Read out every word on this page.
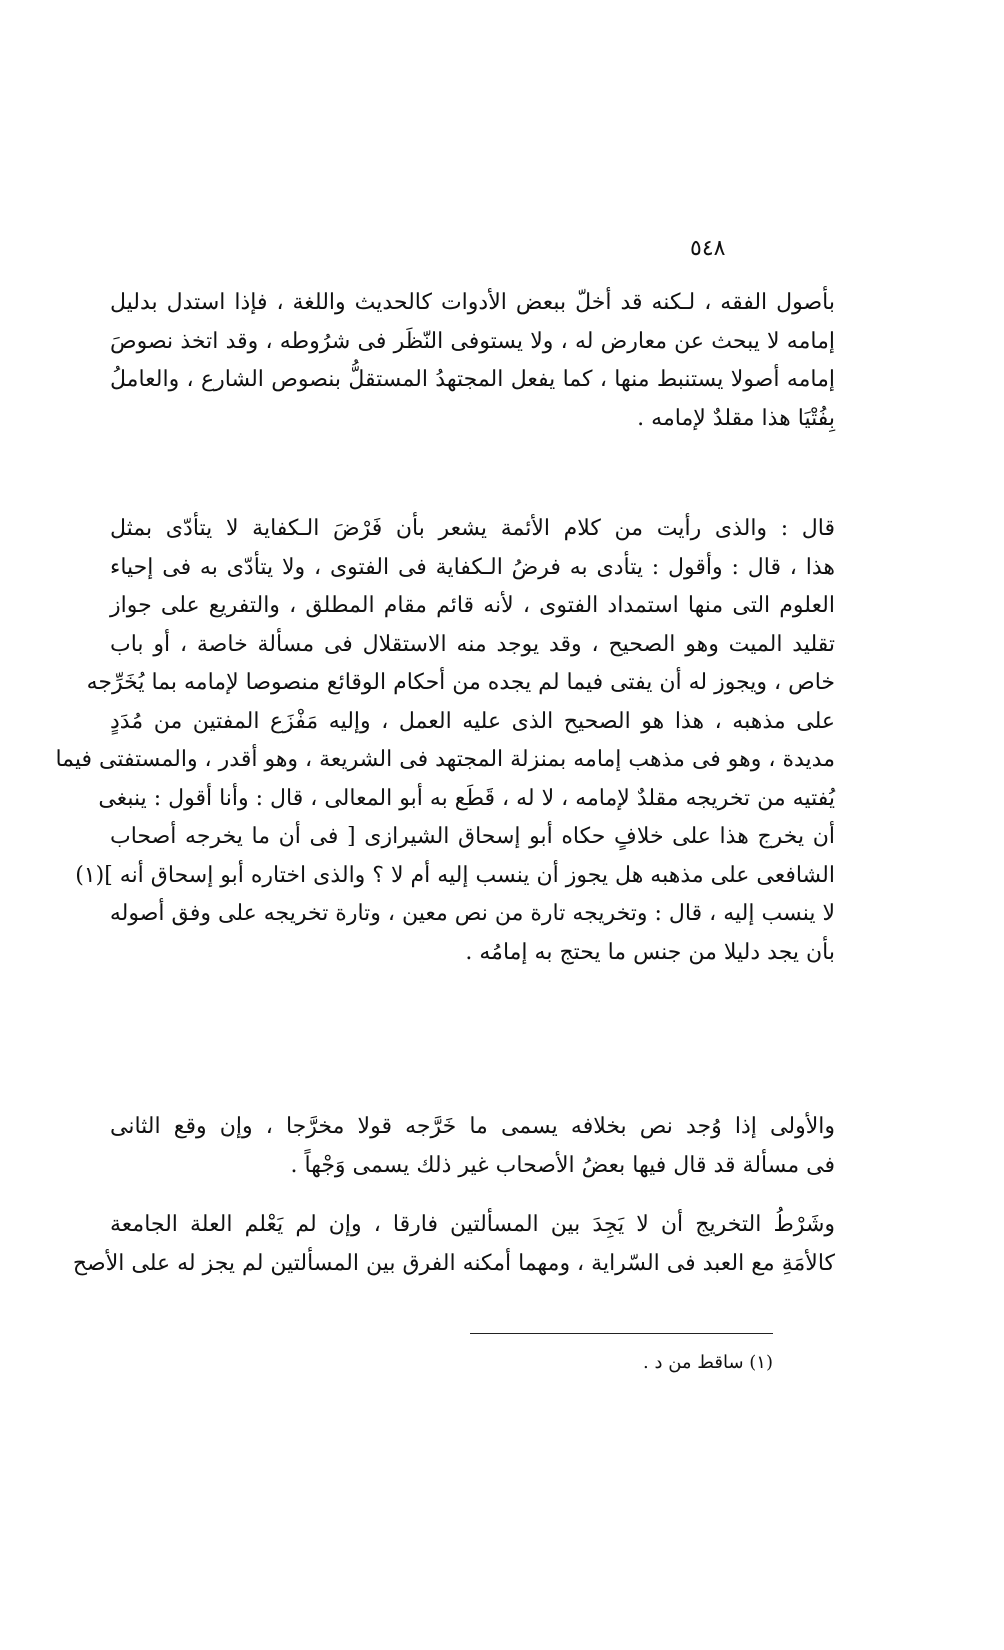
٥٤٨
بأصول الفقه ، لـكنه قد أخلّ ببعض الأدوات كالحديث واللغة ، فإذا استدل بدليل
إمامه لا يبحث عن معارض له ، ولا يستوفى النّظَر فى شرُوطه ، وقد اتخذ نصوصَ
إمامه أصولا يستنبط منها ، كما يفعل المجتهدُ المستقلُّ بنصوص الشارع ، والعاملُ
بِفُتْيَا هذا مقلدٌ لإمامه .
قال : والذى رأيت من كلام الأئمة يشعر بأن فَرْضَ الـكفاية لا يتأدّى بمثل
هذا ، قال : وأقول : يتأدى به فرضُ الـكفاية فى الفتوى ، ولا يتأدّى به فى إحياء
العلوم التى منها استمداد الفتوى ، لأنه قائم مقام المطلق ، والتفريع على جواز
تقليد الميت وهو الصحيح ، وقد يوجد منه الاستقلال فى مسألة خاصة ، أو باب
خاص ، ويجوز له أن يفتى فيما لم يجده من أحكام الوقائع منصوصا لإمامه بما يُخَرِّجه
على مذهبه ، هذا هو الصحيح الذى عليه العمل ، وإليه مَفْزَع المفتين من مُدَدٍ
مديدة ، وهو فى مذهب إمامه بمنزلة المجتهد فى الشريعة ، وهو أقدر ، والمستفتى فيما
يُفتيه من تخريجه مقلدٌ لإمامه ، لا له ، قَطَع به أبو المعالى ، قال : وأنا أقول : ينبغى
أن يخرج هذا على خلافٍ حكاه أبو إسحاق الشيرازى [ فى أن ما يخرجه أصحاب
الشافعى على مذهبه هل يجوز أن ينسب إليه أم لا ؟ والذى اختاره أبو إسحاق أنه ](١)
لا ينسب إليه ، قال : وتخريجه تارة من نص معين ، وتارة تخريجه على وفق أصوله
بأن يجد دليلا من جنس ما يحتج به إمامُه .
والأولى إذا وُجد نص بخلافه يسمى ما خَرَّجه قولا مخرَّجا ، وإن وقع الثانى
فى مسألة قد قال فيها بعضُ الأصحاب غير ذلك يسمى وَجْهاً .
وشَرْطُ التخريج أن لا يَجِدَ بين المسألتين فارقا ، وإن لم يَعْلم العلة الجامعة
كالأمَةِ مع العبد فى السّراية ، ومهما أمكنه الفرق بين المسألتين لم يجز له على الأصح
(١) ساقط من د .
